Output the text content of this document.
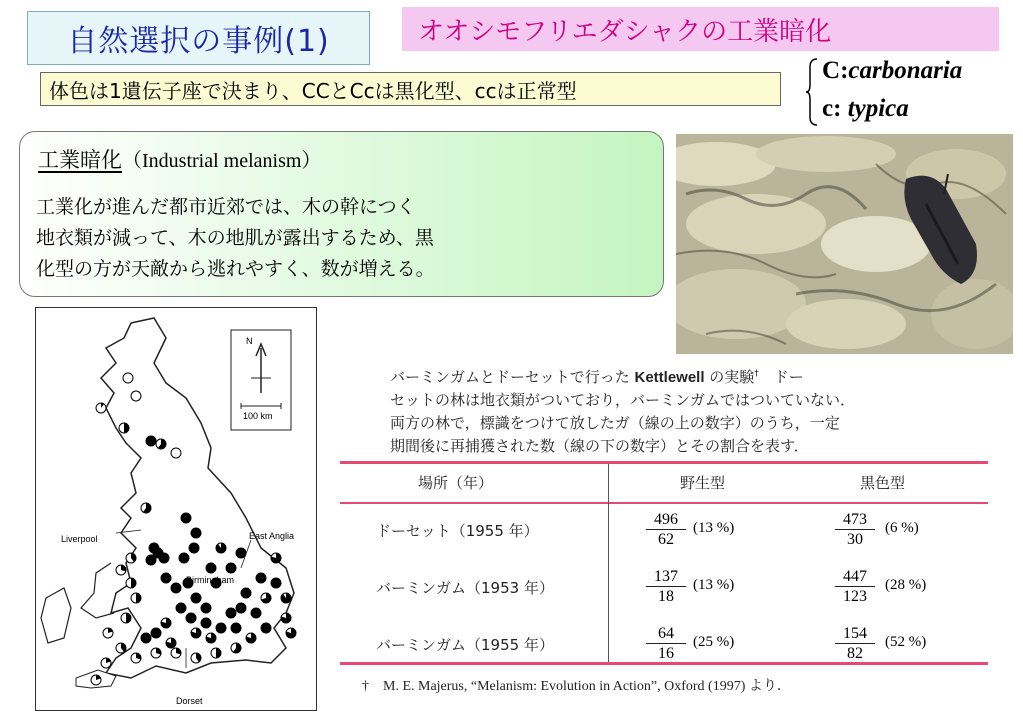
自然選択の事例(1)	オオシモフリエダシャクの工業暗化
体色は1遺伝子座で決まり、CCとCcは黒化型、ccは正常型
C:carbonaria
c: typica
工業暗化（Industrial melanism）
工業化が進んだ都市近郊では、木の幹につく
地衣類が減って、木の地肌が露出するため、黒
化型の方が天敵から逃れやすく、数が増える。
N
100 km
Liverpool
Birmingham
East Anglia
Dorset
バーミンガムとドーセットで行った Kettlewell の実験†　ドー
セットの林は地衣類がついており，バーミンガムではついていない．
両方の林で，標識をつけて放したガ（線の上の数字）のうち，一定
期間後に再捕獲された数（線の下の数字）とその割合を表す．
場所（年）	野生型	黒色型
ドーセット（1955 年）	$\frac{496}{62} (13$ %)	$\frac{473}{30} (6$ %)
バーミンガム（1953 年）	$\frac{137}{18} (13$ %)	$\frac{447}{123} (28$ %)
バーミンガム（1955 年）	$\frac{64}{16} (25$ %)	$\frac{154}{82} (52$ %)
†　M. E. Majerus, “Melanism: Evolution in Action”, Oxford (1997) より．
